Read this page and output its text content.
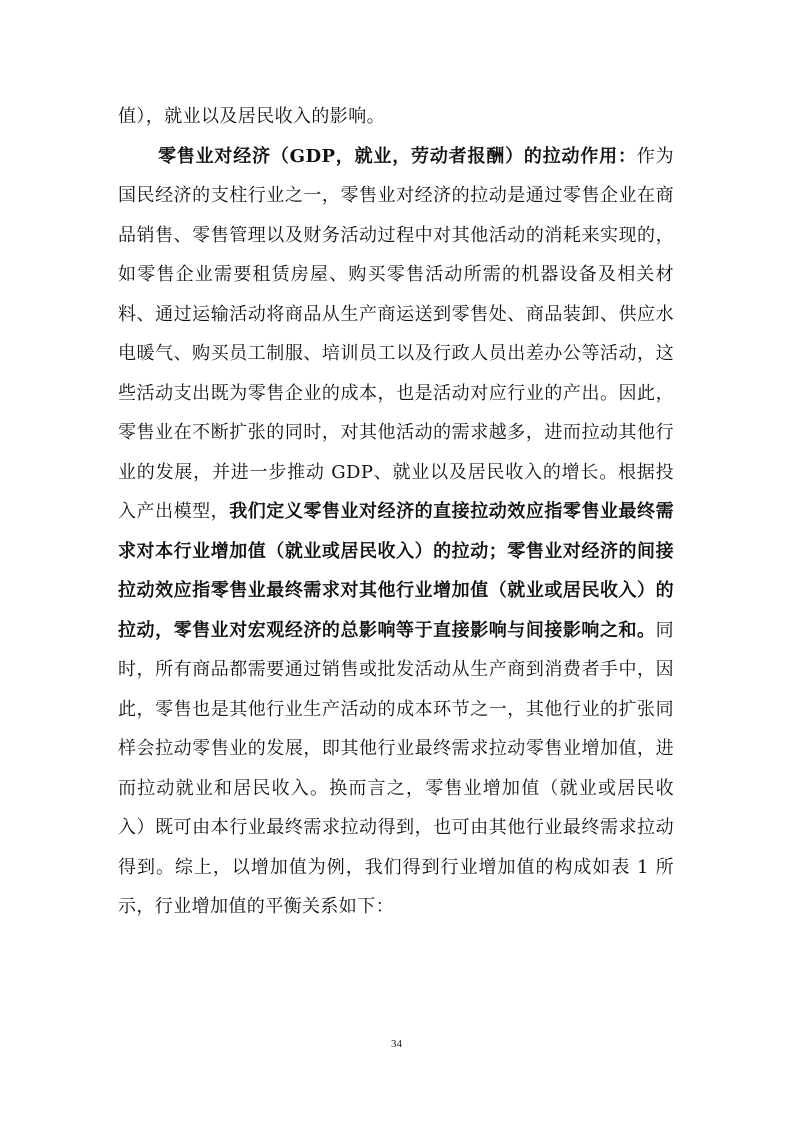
值），就业以及居民收入的影响。

零售业对经济（GDP，就业，劳动者报酬）的拉动作用：作为国民经济的支柱行业之一，零售业对经济的拉动是通过零售企业在商品销售、零售管理以及财务活动过程中对其他活动的消耗来实现的，如零售企业需要租赁房屋、购买零售活动所需的机器设备及相关材料、通过运输活动将商品从生产商运送到零售处、商品装卸、供应水电暖气、购买员工制服、培训员工以及行政人员出差办公等活动，这些活动支出既为零售企业的成本，也是活动对应行业的产出。因此，零售业在不断扩张的同时，对其他活动的需求越多，进而拉动其他行业的发展，并进一步推动 GDP、就业以及居民收入的增长。根据投入产出模型，我们定义零售业对经济的直接拉动效应指零售业最终需求对本行业增加值（就业或居民收入）的拉动；零售业对经济的间接拉动效应指零售业最终需求对其他行业增加值（就业或居民收入）的拉动，零售业对宏观经济的总影响等于直接影响与间接影响之和。同时，所有商品都需要通过销售或批发活动从生产商到消费者手中，因此，零售也是其他行业生产活动的成本环节之一，其他行业的扩张同样会拉动零售业的发展，即其他行业最终需求拉动零售业增加值，进而拉动就业和居民收入。换而言之，零售业增加值（就业或居民收入）既可由本行业最终需求拉动得到，也可由其他行业最终需求拉动得到。综上，以增加值为例，我们得到行业增加值的构成如表 1 所示，行业增加值的平衡关系如下：

34
